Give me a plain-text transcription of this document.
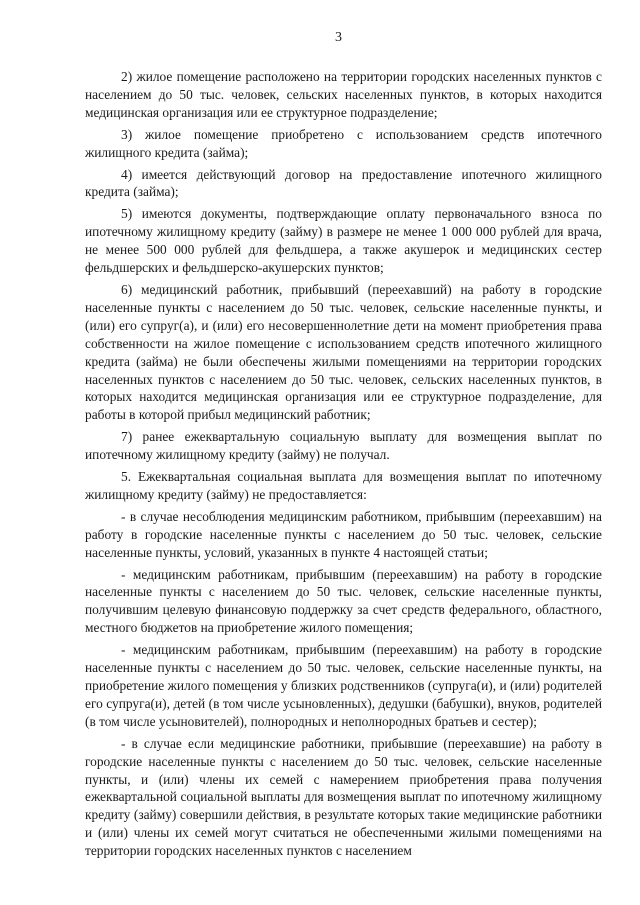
3

2) жилое помещение расположено на территории городских населенных пунктов с населением до 50 тыс. человек, сельских населенных пунктов, в которых находится медицинская организация или ее структурное подразделение;

3) жилое помещение приобретено с использованием средств ипотечного жилищного кредита (займа);

4) имеется действующий договор на предоставление ипотечного жилищного кредита (займа);

5) имеются документы, подтверждающие оплату первоначального взноса по ипотечному жилищному кредиту (займу) в размере не менее 1 000 000 рублей для врача, не менее 500 000 рублей для фельдшера, а также акушерок и медицинских сестер фельдшерских и фельдшерско-акушерских пунктов;

6) медицинский работник, прибывший (переехавший) на работу в городские населенные пункты с населением до 50 тыс. человек, сельские населенные пункты, и (или) его супруг(а), и (или) его несовершеннолетние дети на момент приобретения права собственности на жилое помещение с использованием средств ипотечного жилищного кредита (займа) не были обеспечены жилыми помещениями на территории городских населенных пунктов с населением до 50 тыс. человек, сельских населенных пунктов, в которых находится медицинская организация или ее структурное подразделение, для работы в которой прибыл медицинский работник;

7) ранее ежеквартальную социальную выплату для возмещения выплат по ипотечному жилищному кредиту (займу) не получал.

5. Ежеквартальная социальная выплата для возмещения выплат по ипотечному жилищному кредиту (займу) не предоставляется:

- в случае несоблюдения медицинским работником, прибывшим (переехавшим) на работу в городские населенные пункты с населением до 50 тыс. человек, сельские населенные пункты, условий, указанных в пункте 4 настоящей статьи;

- медицинским работникам, прибывшим (переехавшим) на работу в городские населенные пункты с населением до 50 тыс. человек, сельские населенные пункты, получившим целевую финансовую поддержку за счет средств федерального, областного, местного бюджетов на приобретение жилого помещения;

- медицинским работникам, прибывшим (переехавшим) на работу в городские населенные пункты с населением до 50 тыс. человек, сельские населенные пункты, на приобретение жилого помещения у близких родственников (супруга(и), и (или) родителей его супруга(и), детей (в том числе усыновленных), дедушки (бабушки), внуков, родителей (в том числе усыновителей), полнородных и неполнородных братьев и сестер);

- в случае если медицинские работники, прибывшие (переехавшие) на работу в городские населенные пункты с населением до 50 тыс. человек, сельские населенные пункты, и (или) члены их семей с намерением приобретения права получения ежеквартальной социальной выплаты для возмещения выплат по ипотечному жилищному кредиту (займу) совершили действия, в результате которых такие медицинские работники и (или) члены их семей могут считаться не обеспеченными жилыми помещениями на территории городских населенных пунктов с населением
